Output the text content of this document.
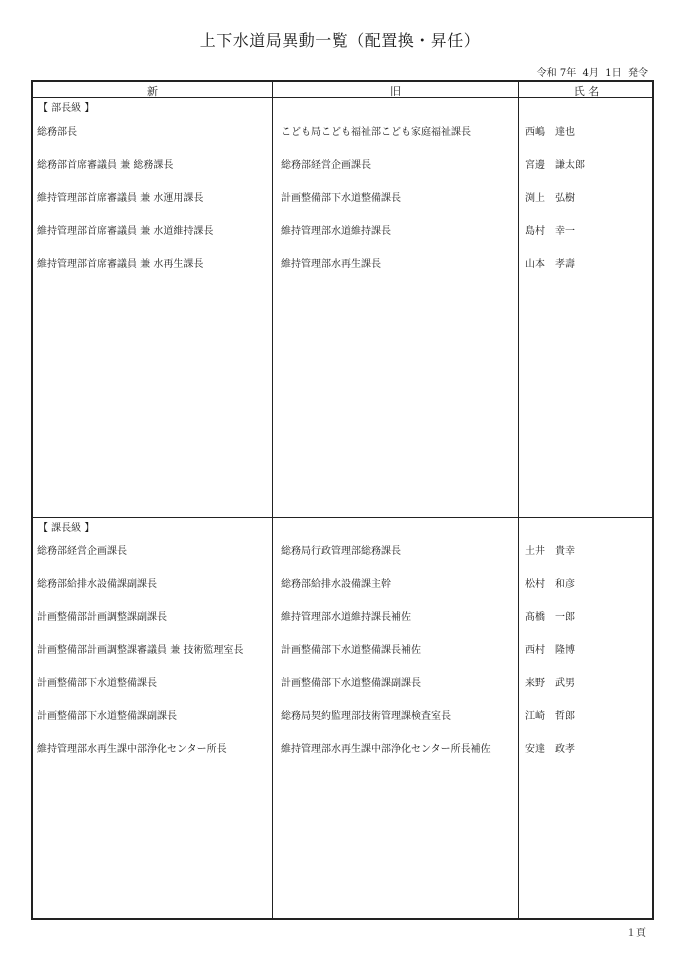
上下水道局異動一覧（配置換・昇任）
令和 7年  4月  1日  発令
新	旧	氏 名
【 部長級 】
総務部長	こども局こども福祉部こども家庭福祉課長	西嶋　達也
総務部首席審議員 兼 総務課長	総務部経営企画課長	宮邊　謙太郎
維持管理部首席審議員 兼 水運用課長	計画整備部下水道整備課長	渕上　弘樹
維持管理部首席審議員 兼 水道維持課長	維持管理部水道維持課長	島村　幸一
維持管理部首席審議員 兼 水再生課長	維持管理部水再生課長	山本　孝壽
【 課長級 】
総務部経営企画課長	総務局行政管理部総務課長	土井　貴幸
総務部給排水設備課副課長	総務部給排水設備課主幹	松村　和彦
計画整備部計画調整課副課長	維持管理部水道維持課長補佐	髙橋　一郎
計画整備部計画調整課審議員 兼 技術監理室長	計画整備部下水道整備課長補佐	西村　隆博
計画整備部下水道整備課長	計画整備部下水道整備課副課長	来野　武男
計画整備部下水道整備課副課長	総務局契約監理部技術管理課検査室長	江崎　哲郎
維持管理部水再生課中部浄化センター所長	維持管理部水再生課中部浄化センター所長補佐	安達　政孝
１頁
